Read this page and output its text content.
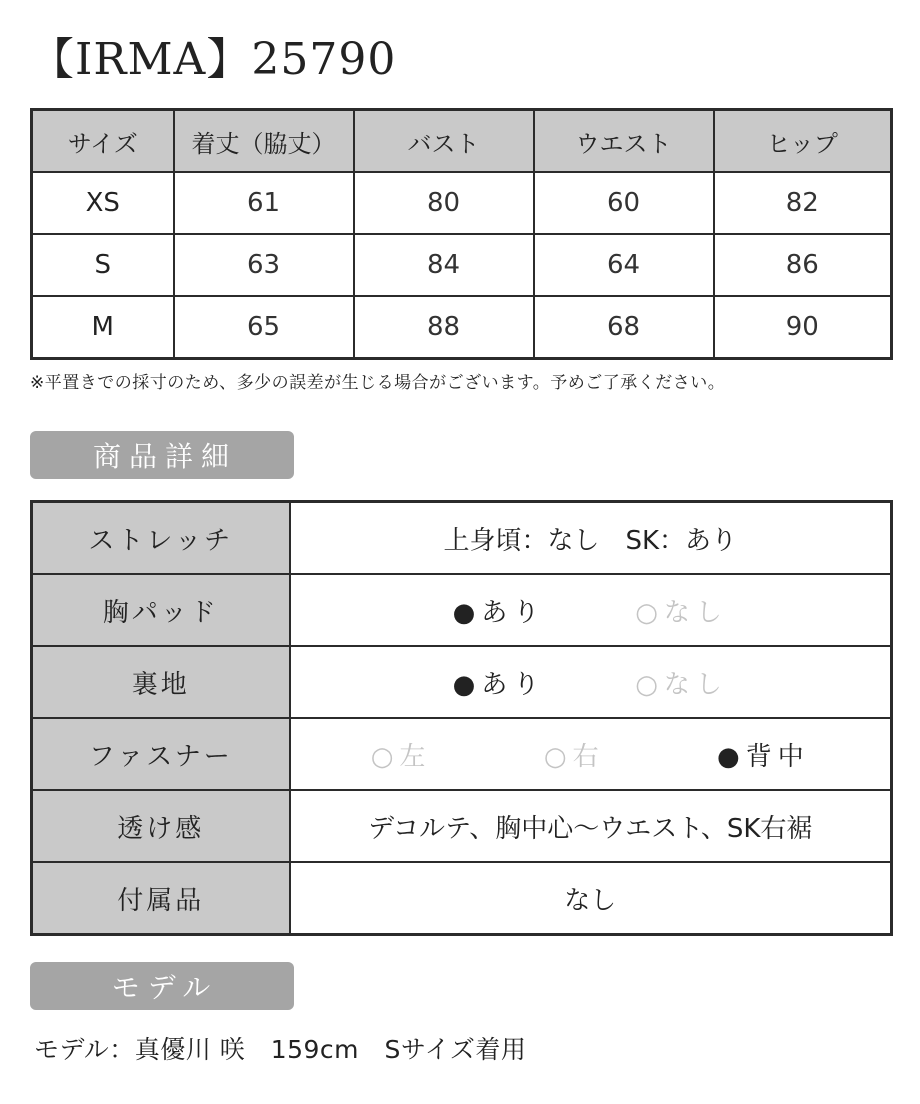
【IRMA】25790
サイズ	着丈（脇丈）	バスト	ウエスト	ヒップ
XS	61	80	60	82
S	63	84	64	86
M	65	88	68	90
※平置きでの採寸のため、多少の誤差が生じる場合がございます。予めご了承ください。
商品詳細
ストレッチ	上身頃：なし　SK：あり
胸パッド	●あり ○なし

裏地	●あり ○なし

ファスナー	○左 ○右 ●背中

透け感	デコルテ、胸中心〜ウエスト、SK右裾
付属品	なし
モデル
モデル：真優川 咲　159cm　Sサイズ着用
